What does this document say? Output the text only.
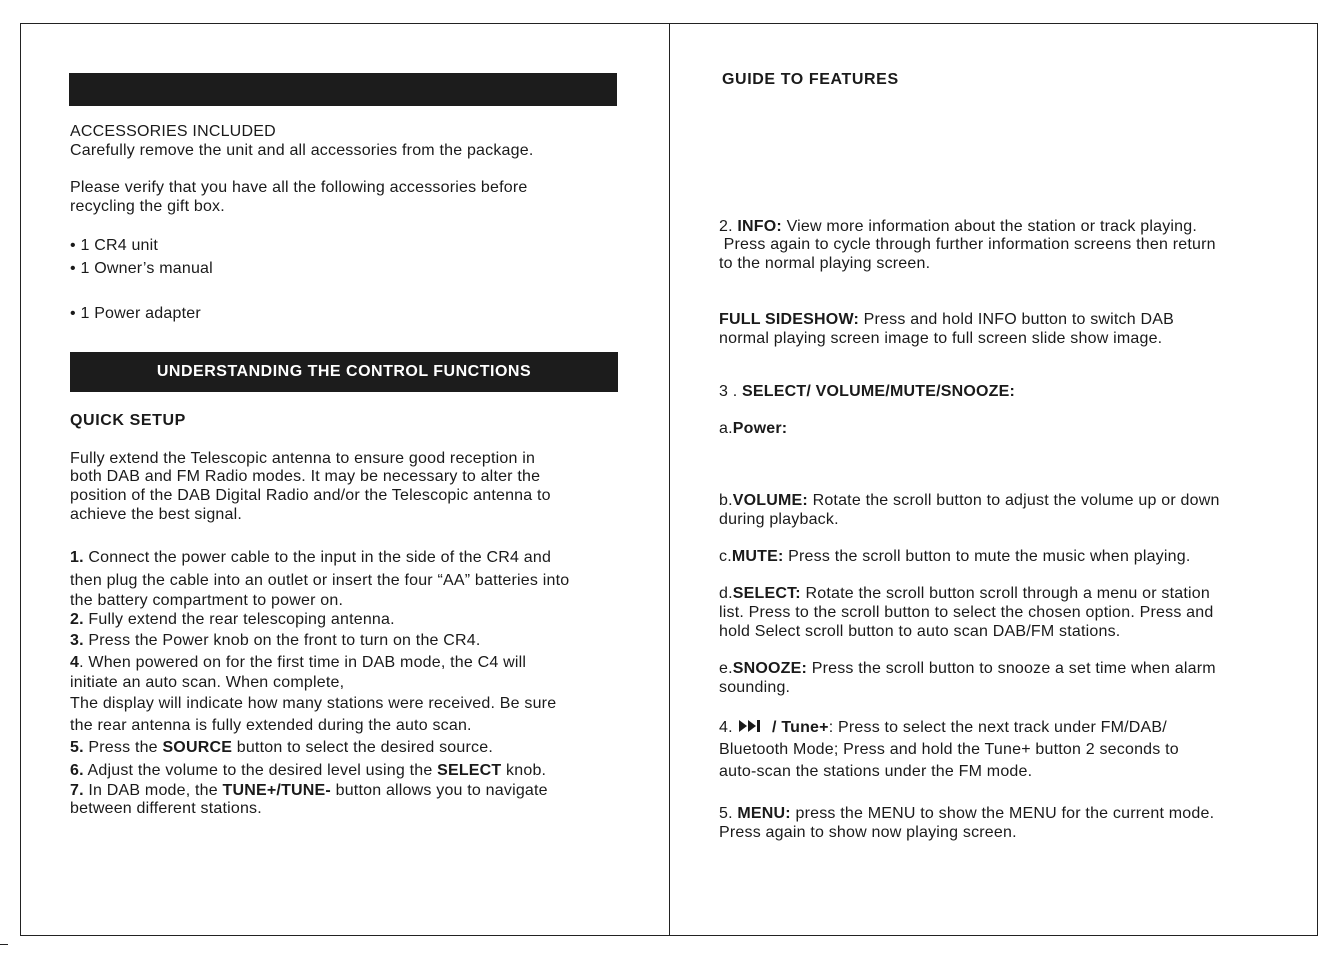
ACCESSORIES INCLUDED
Carefully remove the unit and all accessories from the package.
Please verify that you have all the following accessories before
recycling the gift box.
• 1 CR4 unit
• 1 Owner’s manual
• 1 Power adapter
UNDERSTANDING THE CONTROL FUNCTIONS
QUICK SETUP
Fully extend the Telescopic antenna to ensure good reception in
both DAB and FM Radio modes. It may be necessary to alter the
position of the DAB Digital Radio and/or the Telescopic antenna to
achieve the best signal.
1. Connect the power cable to the input in the side of the CR4 and
then plug the cable into an outlet or insert the four “AA” batteries into
the battery compartment to power on.
2. Fully extend the rear telescoping antenna.
3. Press the Power knob on the front to turn on the CR4.
4. When powered on for the first time in DAB mode, the C4 will
initiate an auto scan. When complete,
The display will indicate how many stations were received. Be sure
the rear antenna is fully extended during the auto scan.
5. Press the SOURCE button to select the desired source.
6. Adjust the volume to the desired level using the SELECT knob.
7. In DAB mode, the TUNE+/TUNE- button allows you to navigate
between different stations.
GUIDE TO FEATURES
2. INFO: View more information about the station or track playing.
Press again to cycle through further information screens then return
to the normal playing screen.
FULL SIDESHOW: Press and hold INFO button to switch DAB
normal playing screen image to full screen slide show image.
3 . SELECT/ VOLUME/MUTE/SNOOZE:
a.Power:
b.VOLUME: Rotate the scroll button to adjust the volume up or down
during playback.
c.MUTE: Press the scroll button to mute the music when playing.
d.SELECT: Rotate the scroll button scroll through a menu or station
list. Press to the scroll button to select the chosen option. Press and
hold Select scroll button to auto scan DAB/FM stations.
e.SNOOZE: Press the scroll button to snooze a set time when alarm
sounding.
4.  / Tune+: Press to select the next track under FM/DAB/
Bluetooth Mode; Press and hold the Tune+ button 2 seconds to
auto-scan the stations under the FM mode.
5. MENU: press the MENU to show the MENU for the current mode.
Press again to show now playing screen.
